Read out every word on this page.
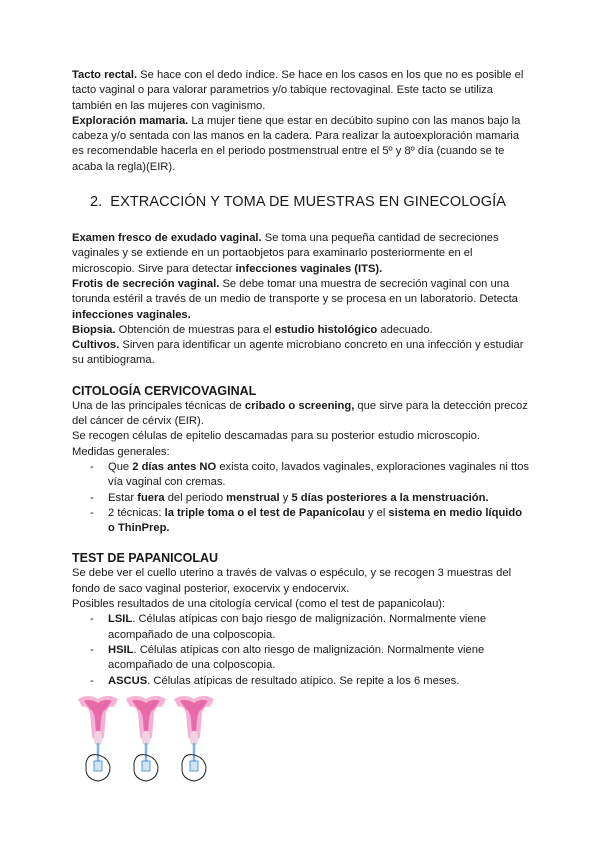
Tacto rectal. Se hace con el dedo índice. Se hace en los casos en los que no es posible el tacto vaginal o para valorar parametrios y/o tabique rectovaginal. Este tacto se utiliza también en las mujeres con vaginismo.

Exploración mamaria. La mujer tiene que estar en decúbito supino con las manos bajo la cabeza y/o sentada con las manos en la cadera. Para realizar la autoexploración mamaria es recomendable hacerla en el periodo postmenstrual entre el 5º y 8º día (cuando se te acaba la regla)(EIR).

2. EXTRACCIÓN Y TOMA DE MUESTRAS EN GINECOLOGÍA

Examen fresco de exudado vaginal. Se toma una pequeña cantidad de secreciones vaginales y se extiende en un portaobjetos para examinarlo posteriormente en el microscopio. Sirve para detectar infecciones vaginales (ITS).

Frotis de secreción vaginal. Se debe tomar una muestra de secreción vaginal con una torunda estéril a través de un medio de transporte y se procesa en un laboratorio. Detecta infecciones vaginales.

Biopsia. Obtención de muestras para el estudio histológico adecuado.

Cultivos. Sirven para identificar un agente microbiano concreto en una infección y estudiar su antibiograma.

CITOLOGÍA CERVICOVAGINAL

Una de las principales técnicas de cribado o screening, que sirve para la detección precoz del cáncer de cérvix (EIR).

Se recogen células de epitelio descamadas para su posterior estudio microscopio.

Medidas generales:

- Que 2 días antes NO exista coito, lavados vaginales, exploraciones vaginales ni ttos vía vaginal con cremas.
- Estar fuera del periodo menstrual y 5 días posteriores a la menstruación.
- 2 técnicas: la triple toma o el test de Papanicolau y el sistema en medio líquido o ThinPrep.
TEST DE PAPANICOLAU

Se debe ver el cuello uterino a través de valvas o espéculo, y se recogen 3 muestras del fondo de saco vaginal posterior, exocervix y endocervix.

Posibles resultados de una citología cervical (como el test de papanicolau):

- LSIL. Células atípicas con bajo riesgo de malignización. Normalmente viene acompañado de una colposcopia.
- HSIL. Células atípicas con alto riesgo de malignización. Normalmente viene acompañado de una colposcopia.
- ASCUS. Células atípicas de resultado atípico. Se repite a los 6 meses.
